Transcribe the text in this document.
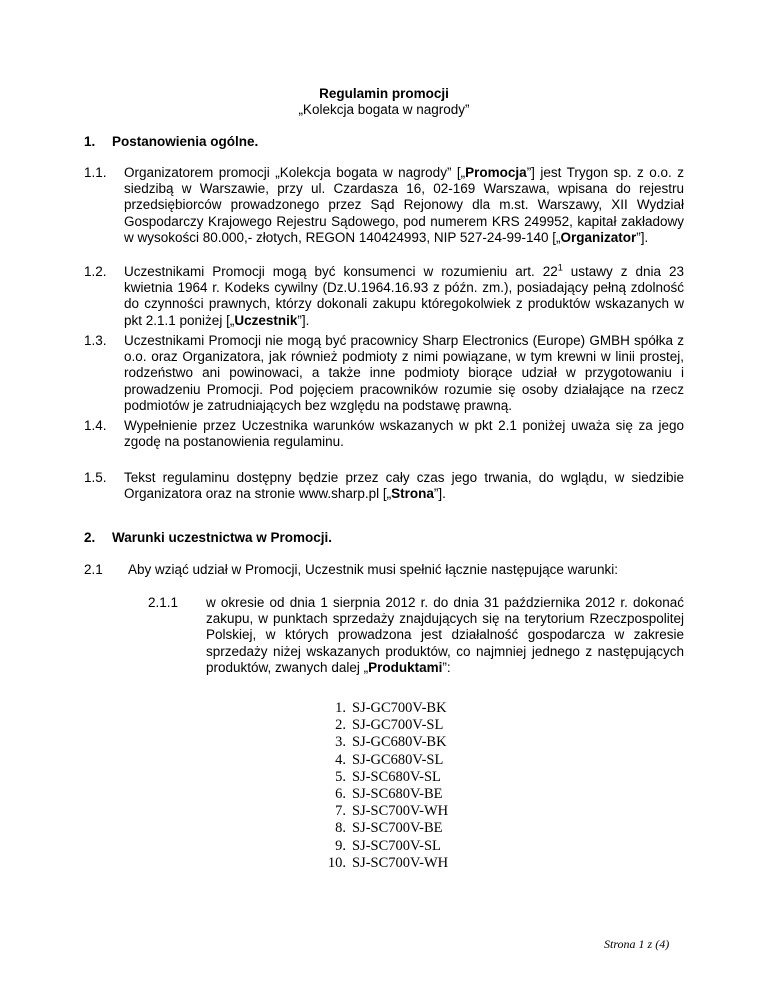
Regulamin promocji
„Kolekcja bogata w nagrody”
1. Postanowienia ogólne.
1.1. Organizatorem promocji „Kolekcja bogata w nagrody” [„Promocja”] jest Trygon sp. z o.o. z siedzibą w Warszawie, przy ul. Czardasza 16, 02-169 Warszawa, wpisana do rejestru przedsiębiorców prowadzonego przez Sąd Rejonowy dla m.st. Warszawy, XII Wydział Gospodarczy Krajowego Rejestru Sądowego, pod numerem KRS 249952, kapitał zakładowy w wysokości 80.000,- złotych, REGON 140424993, NIP 527-24-99-140 [„Organizator”].
1.2. Uczestnikami Promocji mogą być konsumenci w rozumieniu art. $22^1$ ustawy z dnia 23 kwietnia 1964 r. Kodeks cywilny (Dz.U.1964.16.93 z późn. zm.), posiadający pełną zdolność do czynności prawnych, którzy dokonali zakupu któregokolwiek z produktów wskazanych w pkt 2.1.1 poniżej [„Uczestnik”].
1.3. Uczestnikami Promocji nie mogą być pracownicy Sharp Electronics (Europe) GMBH spółka z o.o. oraz Organizatora, jak również podmioty z nimi powiązane, w tym krewni w linii prostej, rodzeństwo ani powinowaci, a także inne podmioty biorące udział w przygotowaniu i prowadzeniu Promocji. Pod pojęciem pracowników rozumie się osoby działające na rzecz podmiotów je zatrudniających bez względu na podstawę prawną.
1.4. Wypełnienie przez Uczestnika warunków wskazanych w pkt 2.1 poniżej uważa się za jego zgodę na postanowienia regulaminu.
1.5. Tekst regulaminu dostępny będzie przez cały czas jego trwania, do wglądu, w siedzibie Organizatora oraz na stronie www.sharp.pl [„Strona”].
2. Warunki uczestnictwa w Promocji.
2.1 Aby wziąć udział w Promocji, Uczestnik musi spełnić łącznie następujące warunki:
2.1.1 w okresie od dnia 1 sierpnia 2012 r. do dnia 31 października 2012 r. dokonać zakupu, w punktach sprzedaży znajdujących się na terytorium Rzeczpospolitej Polskiej, w których prowadzona jest działalność gospodarcza w zakresie sprzedaży niżej wskazanych produktów, co najmniej jednego z następujących produktów, zwanych dalej „Produktami”:
1. SJ-GC700V-BK
2. SJ-GC700V-SL
3. SJ-GC680V-BK
4. SJ-GC680V-SL
5. SJ-SC680V-SL
6. SJ-SC680V-BE
7. SJ-SC700V-WH
8. SJ-SC700V-BE
9. SJ-SC700V-SL
10. SJ-SC700V-WH
Strona 1 z (4)
